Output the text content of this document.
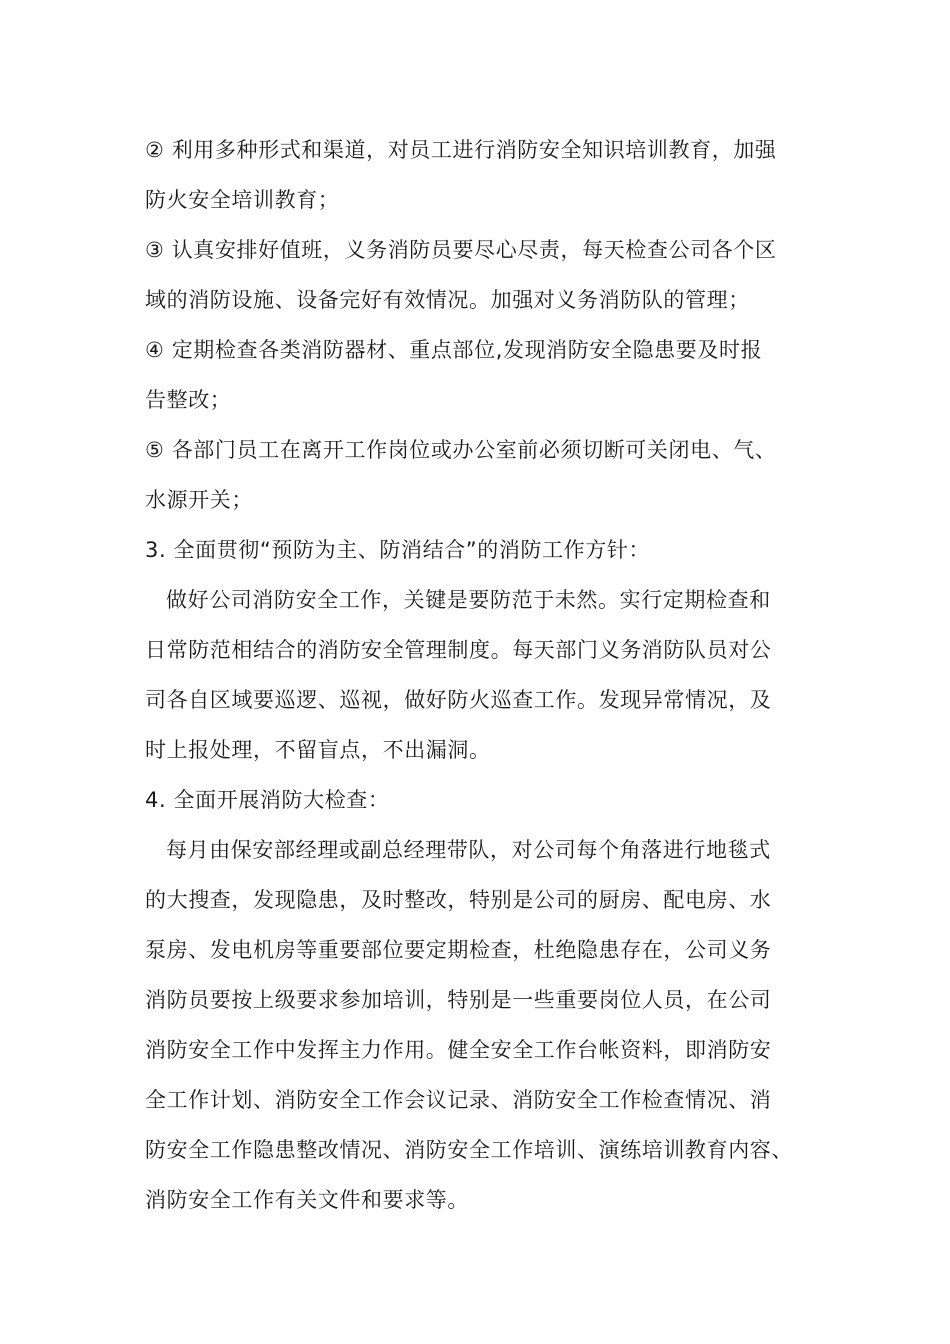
② 利用多种形式和渠道，对员工进行消防安全知识培训教育，加强
防火安全培训教育；
③ 认真安排好值班，义务消防员要尽心尽责，每天检查公司各个区
域的消防设施、设备完好有效情况。加强对义务消防队的管理；
④ 定期检查各类消防器材、重点部位,发现消防安全隐患要及时报
告整改；
⑤ 各部门员工在离开工作岗位或办公室前必须切断可关闭电、气、
水源开关；
3. 全面贯彻“预防为主、防消结合”的消防工作方针：
做好公司消防安全工作，关键是要防范于未然。实行定期检查和
日常防范相结合的消防安全管理制度。每天部门义务消防队员对公
司各自区域要巡逻、巡视，做好防火巡查工作。发现异常情况，及
时上报处理，不留盲点，不出漏洞。
4. 全面开展消防大检查：
每月由保安部经理或副总经理带队，对公司每个角落进行地毯式
的大搜查，发现隐患，及时整改，特别是公司的厨房、配电房、水
泵房、发电机房等重要部位要定期检查，杜绝隐患存在，公司义务
消防员要按上级要求参加培训，特别是一些重要岗位人员，在公司
消防安全工作中发挥主力作用。健全安全工作台帐资料，即消防安
全工作计划、消防安全工作会议记录、消防安全工作检查情况、消
防安全工作隐患整改情况、消防安全工作培训、演练培训教育内容、
消防安全工作有关文件和要求等。
